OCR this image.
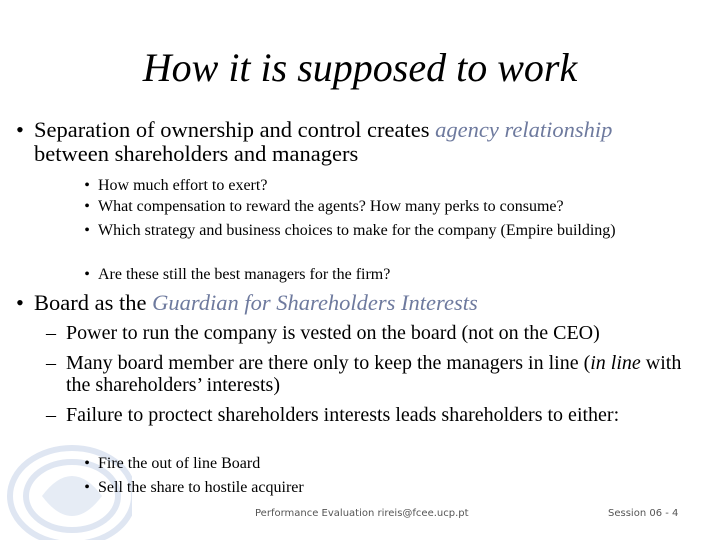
How it is supposed to work
• Separation of ownership and control creates agency relationship between shareholders and managers
• How much effort to exert?
• What compensation to reward the agents? How many perks to consume?
• Which strategy and business choices to make for the company (Empire building)
• Are these still the best managers for the firm?
• Board as the Guardian for Shareholders Interests
– Power to run the company is vested on the board (not on the CEO)
– Many board member are there only to keep the managers in line (in line with the shareholders’ interests)
– Failure to proctect shareholders interests leads shareholders to either:
• Fire the out of line Board
• Sell the share to hostile acquirer
Performance Evaluation rireis@fcee.ucp.pt	Session 06 - 4
